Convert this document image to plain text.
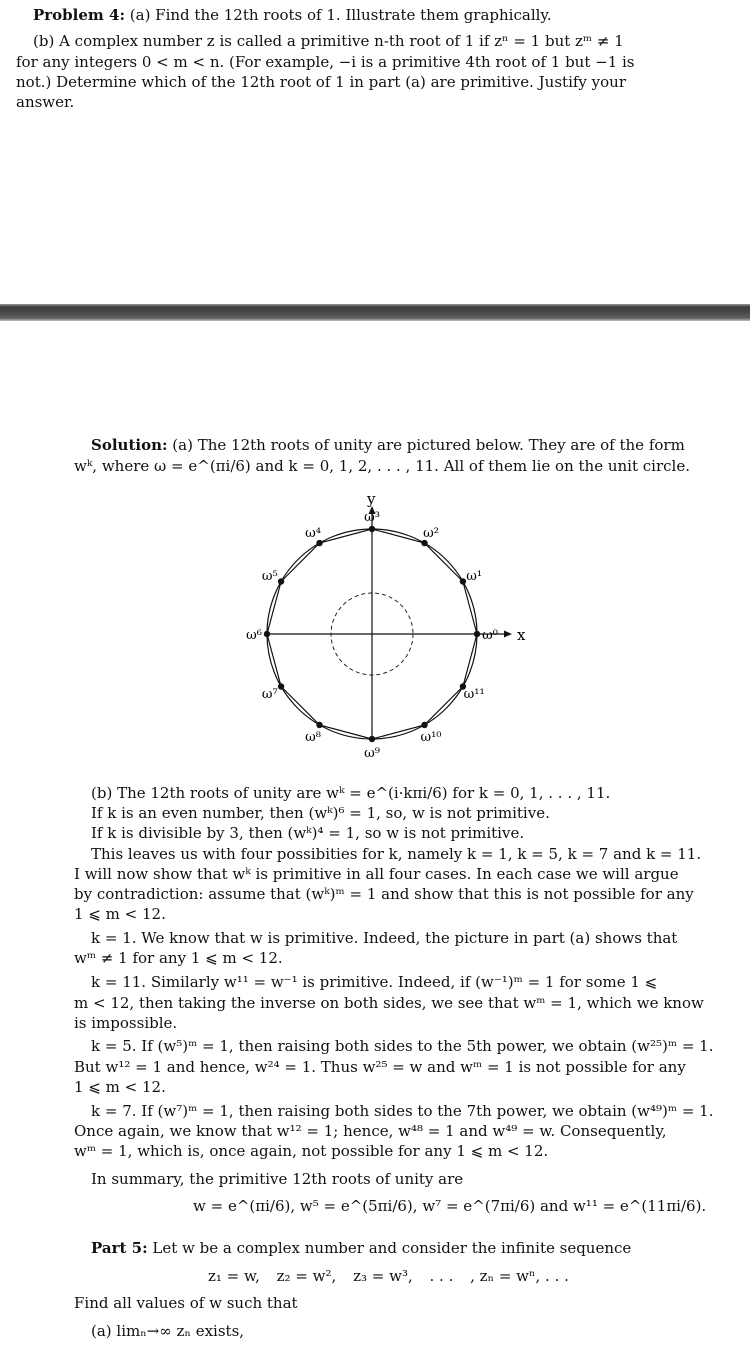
Problem 4: (a) Find the 12th roots of 1. Illustrate them graphically.
(b) A complex number z is called a primitive n-th root of 1 if zⁿ = 1 but zᵐ ≠ 1
for any integers 0 < m < n. (For example, −i is a primitive 4th root of 1 but −1 is
not.) Determine which of the 12th root of 1 in part (a) are primitive. Justify your
answer.
Solution: (a) The 12th roots of unity are pictured below. They are of the form
wᵏ, where ω = e^(πi/6) and k = 0, 1, 2, . . . , 11. All of them lie on the unit circle.
ω⁰
ω¹
ω²
ω³
ω⁴
ω⁵
ω⁶
ω⁷
ω⁸
ω⁹
ω¹⁰
ω¹¹
y
x
(b) The 12th roots of unity are wᵏ = e^(i·kπi/6) for k = 0, 1, . . . , 11.
If k is an even number, then (wᵏ)⁶ = 1, so, w is not primitive.
If k is divisible by 3, then (wᵏ)⁴ = 1, so w is not primitive.
This leaves us with four possibities for k, namely k = 1, k = 5, k = 7 and k = 11.
I will now show that wᵏ is primitive in all four cases. In each case we will argue
by contradiction: assume that (wᵏ)ᵐ = 1 and show that this is not possible for any
1 ⩽ m < 12.
k = 1. We know that w is primitive. Indeed, the picture in part (a) shows that
wᵐ ≠ 1 for any 1 ⩽ m < 12.
k = 11. Similarly w¹¹ = w⁻¹ is primitive. Indeed, if (w⁻¹)ᵐ = 1 for some 1 ⩽
m < 12, then taking the inverse on both sides, we see that wᵐ = 1, which we know
is impossible.
k = 5. If (w⁵)ᵐ = 1, then raising both sides to the 5th power, we obtain (w²⁵)ᵐ = 1.
But w¹² = 1 and hence, w²⁴ = 1. Thus w²⁵ = w and wᵐ = 1 is not possible for any
1 ⩽ m < 12.
k = 7. If (w⁷)ᵐ = 1, then raising both sides to the 7th power, we obtain (w⁴⁹)ᵐ = 1.
Once again, we know that w¹² = 1; hence, w⁴⁸ = 1 and w⁴⁹ = w. Consequently,
wᵐ = 1, which is, once again, not possible for any 1 ⩽ m < 12.
In summary, the primitive 12th roots of unity are
w = e^(πi/6), w⁵ = e^(5πi/6), w⁷ = e^(7πi/6) and w¹¹ = e^(11πi/6).
Part 5: Let w be a complex number and consider the infinite sequence
z₁ = w, z₂ = w², z₃ = w³, . . . , zₙ = wⁿ, . . .
Find all values of w such that
(a) limₙ→∞ zₙ exists,
